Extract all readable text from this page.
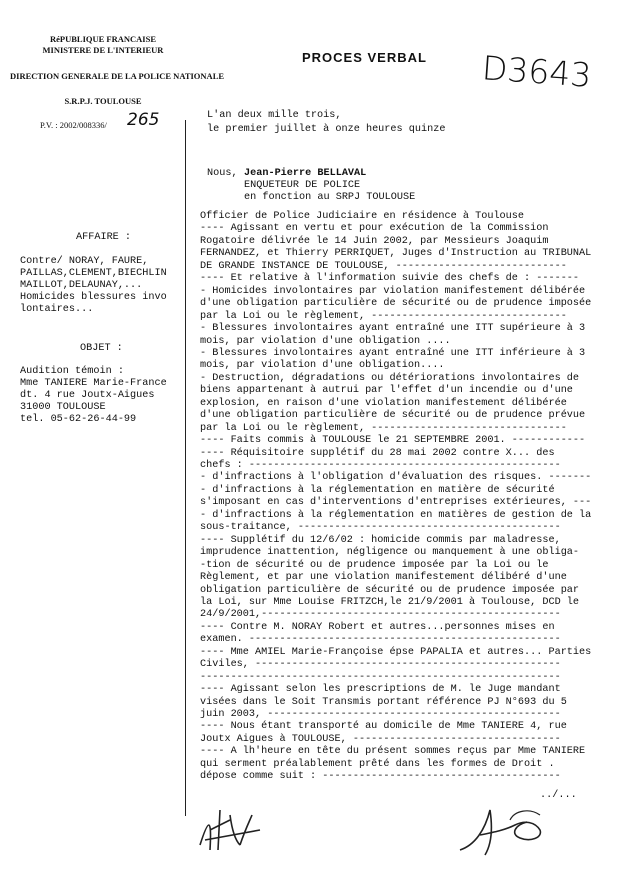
RéPUBLIQUE FRANCAISE
MINISTERE DE L'INTERIEUR
DIRECTION GENERALE DE LA POLICE NATIONALE
S.R.P.J. TOULOUSE
P.V. : 2002/008336/ 265
PROCES VERBAL D3643
L'an deux mille trois,
le premier juillet à onze heures quinze
Nous, Jean-Pierre BELLAVAL
ENQUETEUR DE POLICE
en fonction au SRPJ TOULOUSE
AFFAIRE :
Contre/ NORAY, FAURE,
PAILLAS,CLEMENT,BIECHLIN
MAILLOT,DELAUNAY,...
Homicides blessures invo
lontaires...
OBJET :
Audition témoin :
Mme TANIERE Marie-France
dt. 4 rue Joutx-Aigues
31000 TOULOUSE
tel. 05-62-26-44-99
Officier de Police Judiciaire en résidence à Toulouse
---- Agissant en vertu et pour exécution de la Commission
Rogatoire délivrée le 14 Juin 2002, par Messieurs Joaquim
FERNANDEZ, et Thierry PERRIQUET, Juges d'Instruction au TRIBUNAL
DE GRANDE INSTANCE DE TOULOUSE, ----------------------------
---- Et relative à l'information suivie des chefs de : -------
- Homicides involontaires par violation manifestement délibérée
d'une obligation particulière de sécurité ou de prudence imposée
par la Loi ou le règlement, --------------------------------
- Blessures involontaires ayant entraîné une ITT supérieure à 3
mois, par violation d'une obligation ....
- Blessures involontaires ayant entraîné une ITT inférieure à 3
mois, par violation d'une obligation....
- Destruction, dégradations ou détériorations involontaires de
biens appartenant à autrui par l'effet d'un incendie ou d'une
explosion, en raison d'une violation manifestement délibérée
d'une obligation particulière de sécurité ou de prudence prévue
par la Loi ou le règlement, --------------------------------
---- Faits commis à TOULOUSE le 21 SEPTEMBRE 2001. ------------
---- Réquisitoire supplétif du 28 mai 2002 contre X... des
chefs : ---------------------------------------------------
- d'infractions à l'obligation d'évaluation des risques. -------
- d'infractions à la réglementation en matière de sécurité
s'imposant en cas d'interventions d'entreprises extérieures, ---
- d'infractions à la réglementation en matières de gestion de la
sous-traitance, -------------------------------------------
---- Supplétif du 12/6/02 : homicide commis par maladresse,
imprudence inattention, négligence ou manquement à une obliga-
-tion de sécurité ou de prudence imposée par la Loi ou le
Règlement, et par une violation manifestement délibéré d'une
obligation particulière de sécurité ou de prudence imposée par
la Loi, sur Mme Louise FRITZCH,le 21/9/2001 à Toulouse, DCD le
24/9/2001,-------------------------------------------------
---- Contre M. NORAY Robert et autres...personnes mises en
examen. ---------------------------------------------------
---- Mme AMIEL Marie-Françoise épse PAPALIA et autres... Parties
Civiles, --------------------------------------------------
-----------------------------------------------------------
---- Agissant selon les prescriptions de M. le Juge mandant
visées dans le Soit Transmis portant référence PJ N°693 du 5
juin 2003, ------------------------------------------------
---- Nous étant transporté au domicile de Mme TANIERE 4, rue
Joutx Aigues à TOULOUSE, ----------------------------------
---- A lh'heure en tête du présent sommes reçus par Mme TANIERE
qui serment préalablement prêté dans les formes de Droit .
dépose comme suit : ---------------------------------------
../...
